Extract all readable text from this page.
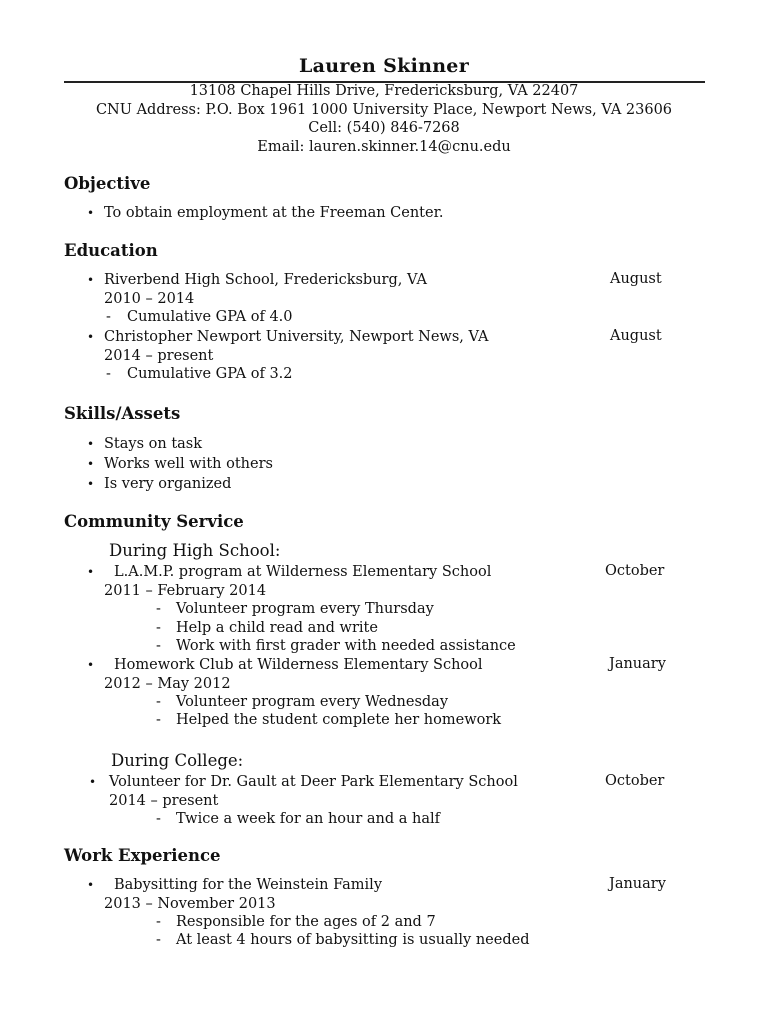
Lauren Skinner
13108 Chapel Hills Drive, Fredericksburg, VA 22407
CNU Address: P.O. Box 1961 1000 University Place, Newport News, VA 23606
Cell: (540) 846-7268
Email: lauren.skinner.14@cnu.edu
Objective
• To obtain employment at the Freeman Center.
Education
• Riverbend High School, Fredericksburg, VA	August
2010 – 2014
- Cumulative GPA of 4.0
• Christopher Newport University, Newport News, VA	August
2014 – present
- Cumulative GPA of 3.2
Skills/Assets
• Stays on task
• Works well with others
• Is very organized
Community Service
During High School:
• L.A.M.P. program at Wilderness Elementary School	October
2011 – February 2014
- Volunteer program every Thursday
- Help a child read and write
- Work with first grader with needed assistance
• Homework Club at Wilderness Elementary School	January
2012 – May 2012
- Volunteer program every Wednesday
- Helped the student complete her homework
During College:
• Volunteer for Dr. Gault at Deer Park Elementary School	October
2014 – present
- Twice a week for an hour and a half
Work Experience
• Babysitting for the Weinstein Family	January
2013 – November 2013
- Responsible for the ages of 2 and 7
- At least 4 hours of babysitting is usually needed
